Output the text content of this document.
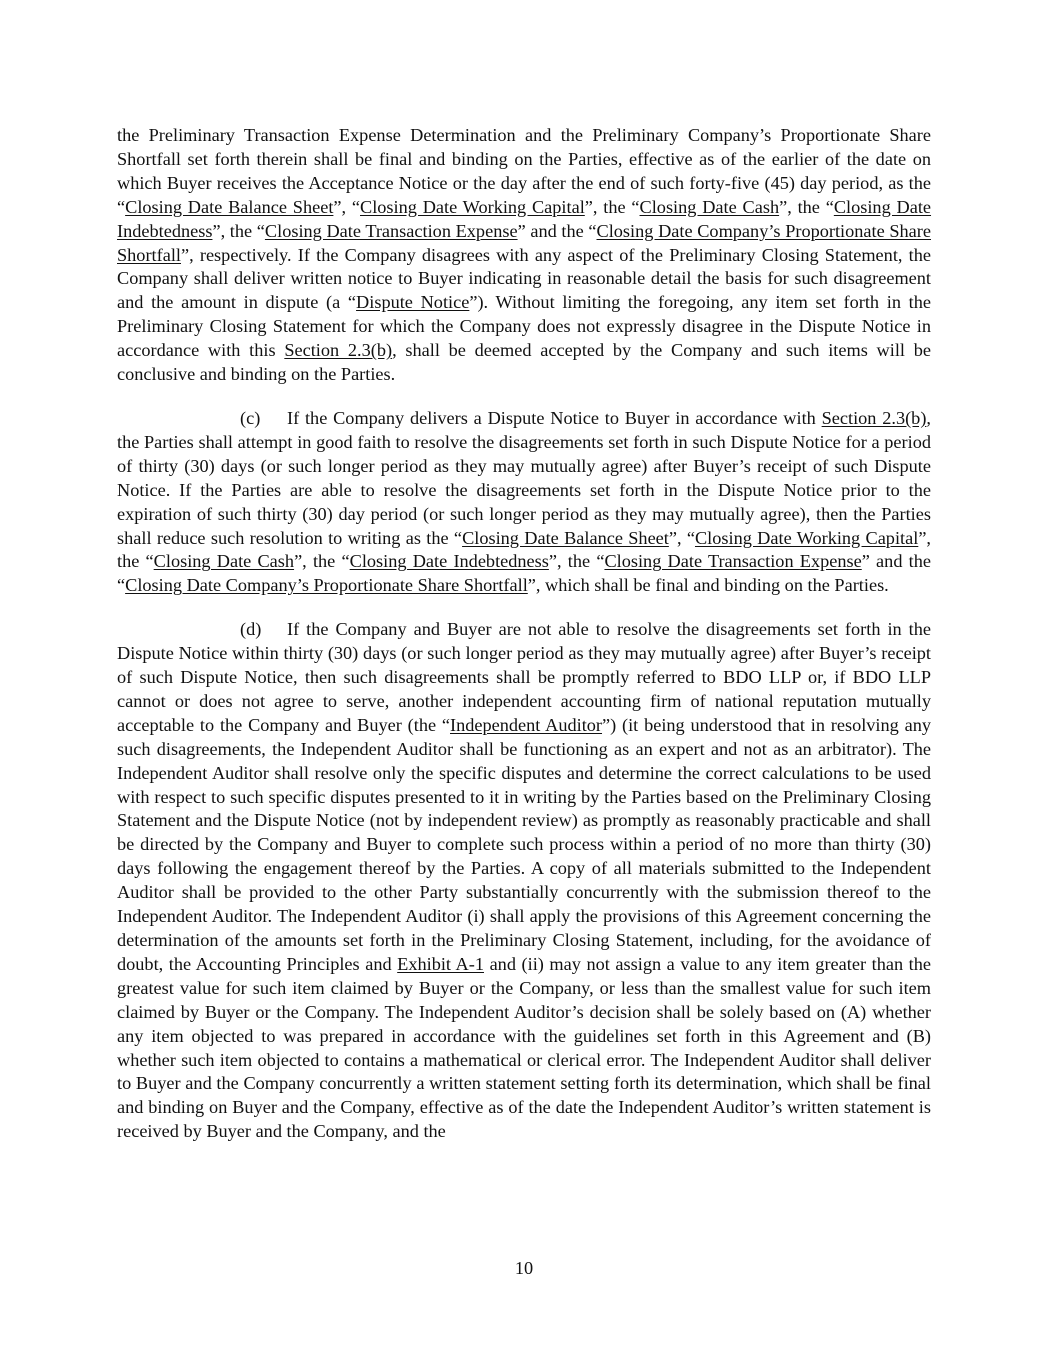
the Preliminary Transaction Expense Determination and the Preliminary Company’s Proportionate Share Shortfall set forth therein shall be final and binding on the Parties, effective as of the earlier of the date on which Buyer receives the Acceptance Notice or the day after the end of such forty-five (45) day period, as the “Closing Date Balance Sheet”, “Closing Date Working Capital”, the “Closing Date Cash”, the “Closing Date Indebtedness”, the “Closing Date Transaction Expense” and the “Closing Date Company’s Proportionate Share Shortfall”, respectively. If the Company disagrees with any aspect of the Preliminary Closing Statement, the Company shall deliver written notice to Buyer indicating in reasonable detail the basis for such disagreement and the amount in dispute (a “Dispute Notice”). Without limiting the foregoing, any item set forth in the Preliminary Closing Statement for which the Company does not expressly disagree in the Dispute Notice in accordance with this Section 2.3(b), shall be deemed accepted by the Company and such items will be conclusive and binding on the Parties.

(c) If the Company delivers a Dispute Notice to Buyer in accordance with Section 2.3(b), the Parties shall attempt in good faith to resolve the disagreements set forth in such Dispute Notice for a period of thirty (30) days (or such longer period as they may mutually agree) after Buyer’s receipt of such Dispute Notice. If the Parties are able to resolve the disagreements set forth in the Dispute Notice prior to the expiration of such thirty (30) day period (or such longer period as they may mutually agree), then the Parties shall reduce such resolution to writing as the “Closing Date Balance Sheet”, “Closing Date Working Capital”, the “Closing Date Cash”, the “Closing Date Indebtedness”, the “Closing Date Transaction Expense” and the “Closing Date Company’s Proportionate Share Shortfall”, which shall be final and binding on the Parties.

(d) If the Company and Buyer are not able to resolve the disagreements set forth in the Dispute Notice within thirty (30) days (or such longer period as they may mutually agree) after Buyer’s receipt of such Dispute Notice, then such disagreements shall be promptly referred to BDO LLP or, if BDO LLP cannot or does not agree to serve, another independent accounting firm of national reputation mutually acceptable to the Company and Buyer (the “Independent Auditor”) (it being understood that in resolving any such disagreements, the Independent Auditor shall be functioning as an expert and not as an arbitrator). The Independent Auditor shall resolve only the specific disputes and determine the correct calculations to be used with respect to such specific disputes presented to it in writing by the Parties based on the Preliminary Closing Statement and the Dispute Notice (not by independent review) as promptly as reasonably practicable and shall be directed by the Company and Buyer to complete such process within a period of no more than thirty (30) days following the engagement thereof by the Parties. A copy of all materials submitted to the Independent Auditor shall be provided to the other Party substantially concurrently with the submission thereof to the Independent Auditor. The Independent Auditor (i) shall apply the provisions of this Agreement concerning the determination of the amounts set forth in the Preliminary Closing Statement, including, for the avoidance of doubt, the Accounting Principles and Exhibit A-1 and (ii) may not assign a value to any item greater than the greatest value for such item claimed by Buyer or the Company, or less than the smallest value for such item claimed by Buyer or the Company. The Independent Auditor’s decision shall be solely based on (A) whether any item objected to was prepared in accordance with the guidelines set forth in this Agreement and (B) whether such item objected to contains a mathematical or clerical error. The Independent Auditor shall deliver to Buyer and the Company concurrently a written statement setting forth its determination, which shall be final and binding on Buyer and the Company, effective as of the date the Independent Auditor’s written statement is received by Buyer and the Company, and the

10
